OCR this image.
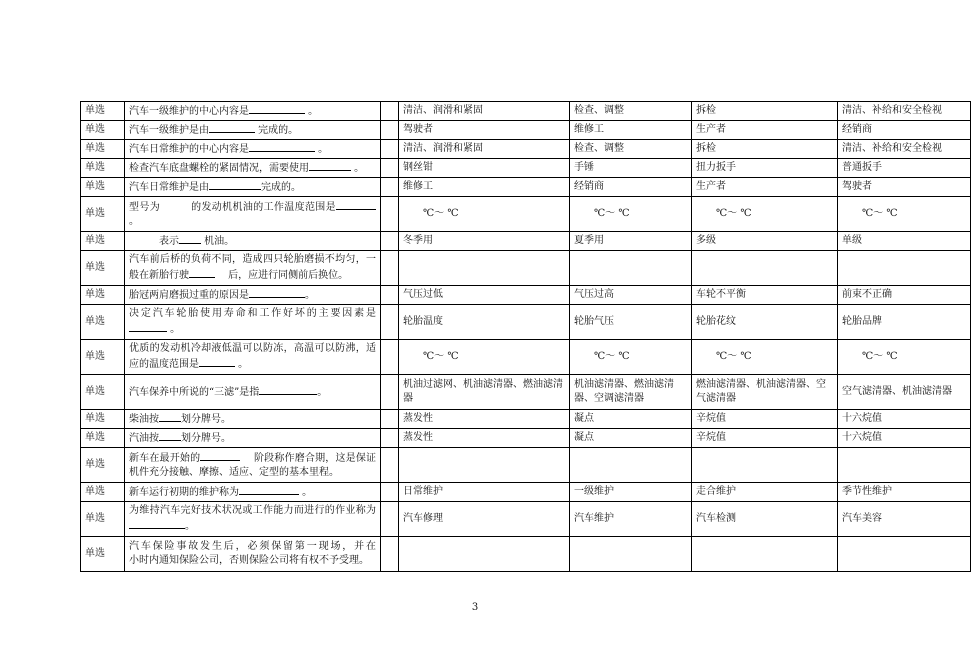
单选	汽车一级维护的中心内容是 。		清洁、润滑和紧固	检查、调整	拆检	清洁、补给和安全检视
单选	汽车一级维护是由 完成的。		驾驶者	维修工	生产者	经销商
单选	汽车日常维护的中心内容是 。		清洁、润滑和紧固	检查、调整	拆检	清洁、补给和安全检视
单选	检查汽车底盘螺栓的紧固情况，需要使用 。		钢丝钳	手锤	扭力扳手	普通扳手
单选	汽车日常维护是由 完成的。		维修工	经销商	生产者	驾驶者
单选	型号为　　　的发动机机油的工作温度范围是 。		℃～ ℃	℃～ ℃	℃～ ℃	℃～ ℃
单选	　　　表示 机油。		冬季用	夏季用	多级	单级
单选	汽车前后桥的负荷不同，造成四只轮胎磨损不均匀，一般在新胎行驶 　 后，应进行同侧前后换位。					
单选	胎冠两肩磨损过重的原因是 。		气压过低	气压过高	车轮不平衡	前束不正确
单选	决定汽车轮胎使用寿命和工作好坏的主要因素是 。		轮胎温度	轮胎气压	轮胎花纹	轮胎品牌
单选	优质的发动机冷却液低温可以防冻，高温可以防沸，适应的温度范围是 。		℃～ ℃	℃～ ℃	℃～ ℃	℃～ ℃
单选	汽车保养中所说的“三滤”是指 。		机油过滤网、机油滤清器、燃油滤清器	机油滤清器、燃油滤清器、空调滤清器	燃油滤清器、机油滤清器、空气滤清器	空气滤清器、机油滤清器
单选	柴油按 划分牌号。		蒸发性	凝点	辛烷值	十六烷值
单选	汽油按 划分牌号。		蒸发性	凝点	辛烷值	十六烷值
单选	新车在最开始的 　 阶段称作磨合期，这是保证机件充分接触、摩擦、适应、定型的基本里程。					
单选	新车运行初期的维护称为 。		日常维护	一级维护	走合维护	季节性维护
单选	为维持汽车完好技术状况或工作能力而进行的作业称为。		汽车修理	汽车维护	汽车检测	汽车美容
单选	汽车保险事故发生后，必须保留第一现场，并在　　　小时内通知保险公司，否则保险公司将有权不予受理。					
3
